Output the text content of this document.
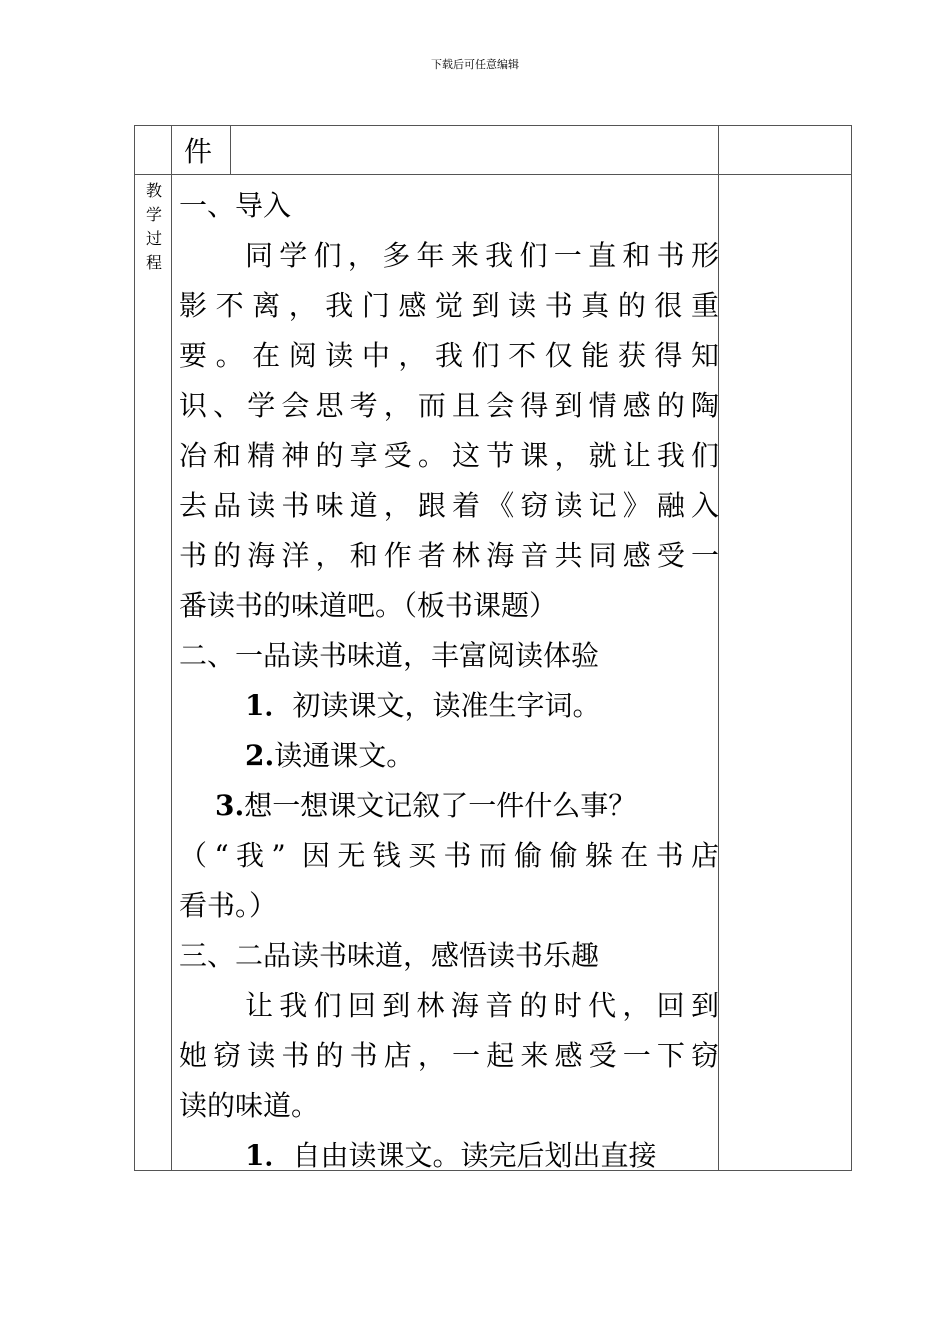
下载后可任意编辑
件
教
学
过
程
一、导入
同学们，多年来我们一直和书形
影不离，我门感觉到读书真的很重
要。在阅读中，我们不仅能获得知
识、学会思考，而且会得到情感的陶
冶和精神的享受。这节课，就让我们
去品读书味道，跟着《窃读记》融入
书的海洋，和作者林海音共同感受一
番读书的味道吧。（板书课题）
二、一品读书味道，丰富阅读体验
1．初读课文，读准生字词。
2.读通课文。
3.想一想课文记叙了一件什么事？
（“我” 因无钱买书而偷偷躲在书店
看书。）
三、二品读书味道，感悟读书乐趣
让我们回到林海音的时代，回到
她窃读书的书店，一起来感受一下窃
读的味道。
1．自由读课文。读完后划出直接
